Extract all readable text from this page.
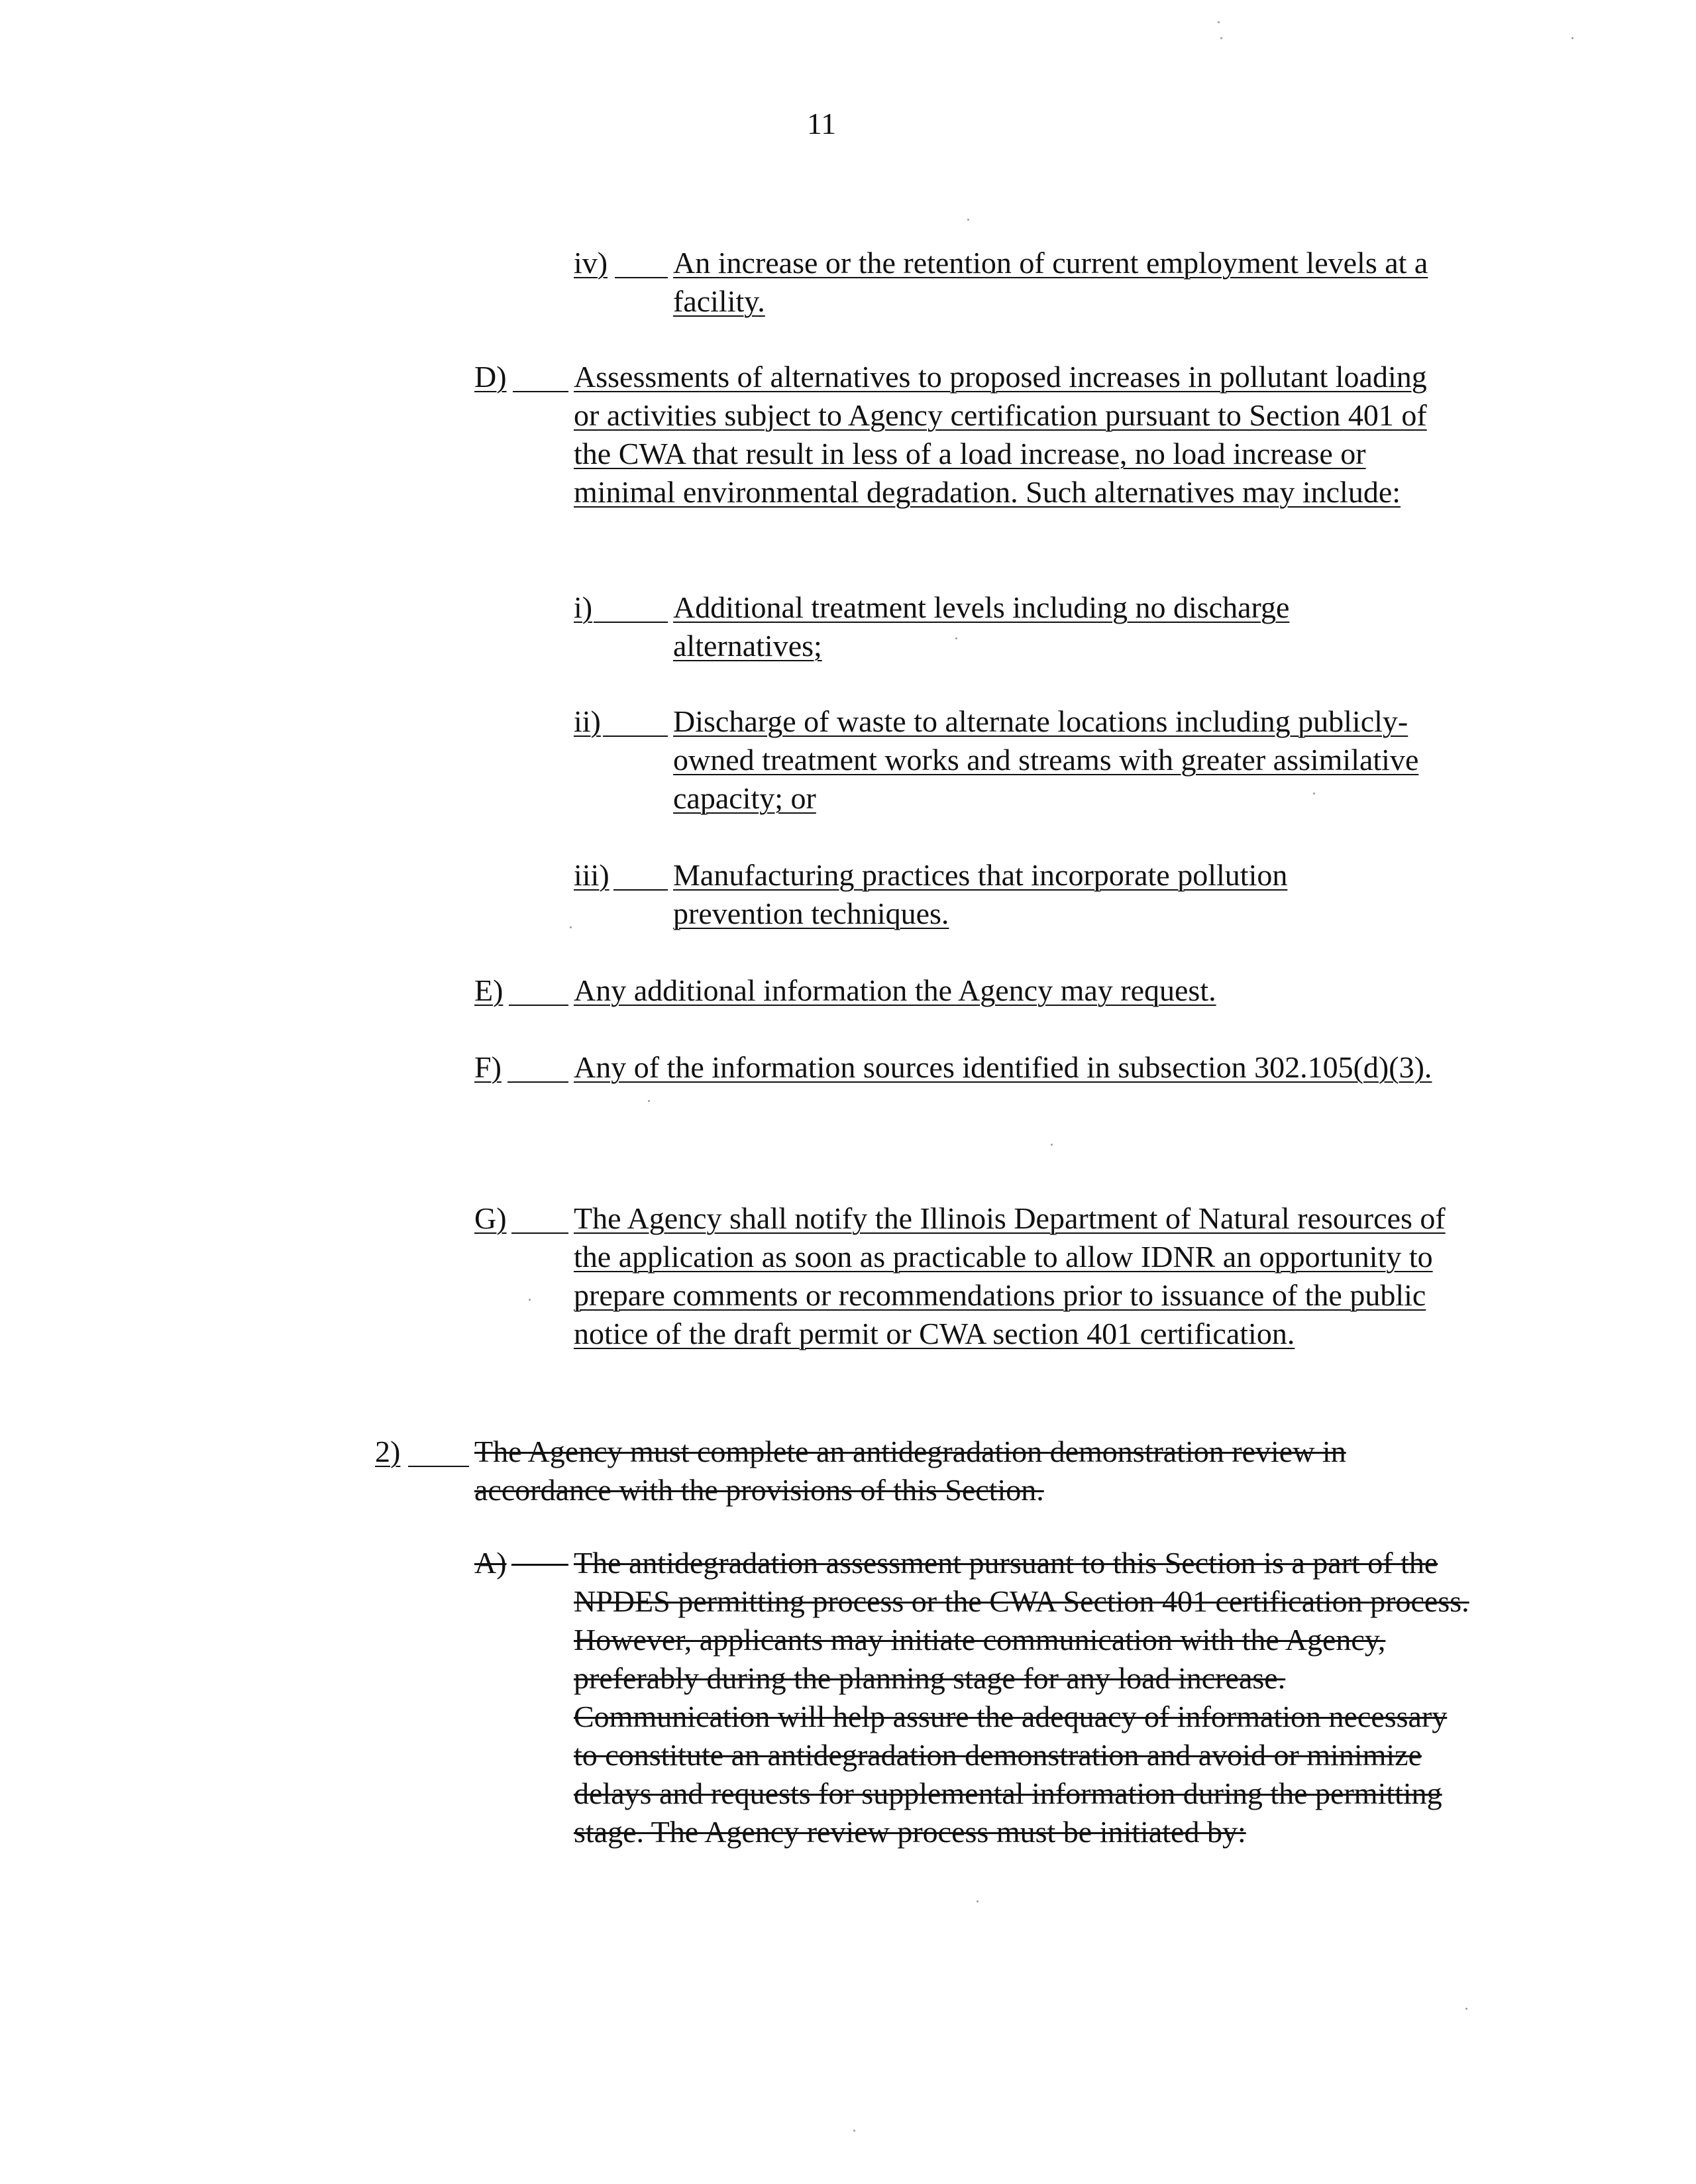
11
iv) An increase or the retention of current employment levels at a facility.
D) Assessments of alternatives to proposed increases in pollutant loading or activities subject to Agency certification pursuant to Section 401 of the CWA that result in less of a load increase, no load increase or minimal environmental degradation. Such alternatives may include:
i)	Additional treatment levels including no discharge alternatives;
ii) Discharge of waste to alternate locations including publicly-owned treatment works and streams with greater assimilative capacity; or
iii) Manufacturing practices that incorporate pollution prevention techniques.
E) Any additional information the Agency may request.
F) Any of the information sources identified in subsection 302.105(d)(3).
G) The Agency shall notify the Illinois Department of Natural resources of the application as soon as practicable to allow IDNR an opportunity to prepare comments or recommendations prior to issuance of the public notice of the draft permit or CWA section 401 certification.
2) The Agency must complete an antidegradation demonstration review in accordance with the provisions of this Section.
A) The antidegradation assessment pursuant to this Section is a part of the NPDES permitting process or the CWA Section 401 certification process. However, applicants may initiate communication with the Agency, preferably during the planning stage for any load increase. Communication will help assure the adequacy of information necessary to constitute an antidegradation demonstration and avoid or minimize delays and requests for supplemental information during the permitting stage. The Agency review process must be initiated by:
